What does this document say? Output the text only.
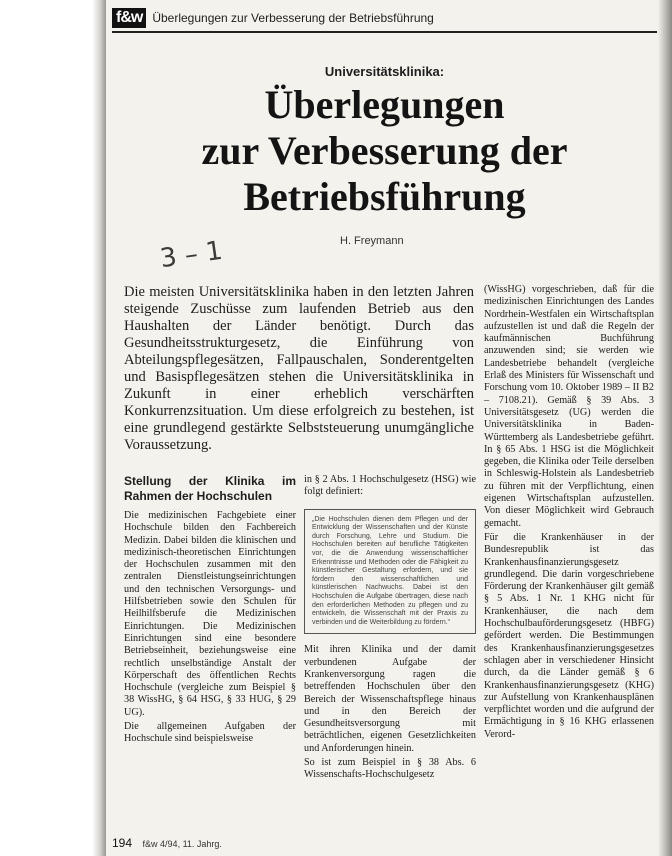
f&w Überlegungen zur Verbesserung der Betriebsführung
Universitätsklinika:
Überlegungen
zur Verbesserung der
Betriebsführung
3 – 1	H. Freymann

Die meisten Universitätsklinika haben in den letzten Jahren steigende Zuschüsse zum laufenden Betrieb aus den Haushalten der Länder benötigt. Durch das Gesundheitsstrukturgesetz, die Einführung von Abteilungspflegesätzen, Fallpauschalen, Sonderentgelten und Basispflegesätzen stehen die Universitätsklinika in Zukunft in einer erheblich verschärften Konkurrenzsituation. Um diese erfolgreich zu bestehen, ist eine grundlegend gestärkte Selbststeuerung unumgängliche Voraussetzung.

Stellung der Klinika im Rahmen der Hochschulen

Die medizinischen Fachgebiete einer Hochschule bilden den Fachbereich Medizin. Dabei bilden die klinischen und medizinisch-theoretischen Einrichtungen der Hochschulen zusammen mit den zentralen Dienstleistungseinrichtungen und den technischen Versorgungs- und Hilfsbetrieben sowie den Schulen für Heilhilfsberufe die Medizinischen Einrichtungen. Die Medizinischen Einrichtungen sind eine besondere Betriebseinheit, beziehungsweise eine rechtlich unselbständige Anstalt der Körperschaft des öffentlichen Rechts Hochschule (vergleiche zum Beispiel § 38 WissHG, § 64 HSG, § 33 HUG, § 29 UG).

Die allgemeinen Aufgaben der Hochschule sind beispielsweise

in § 2 Abs. 1 Hochschulgesetz (HSG) wie folgt definiert:

„Die Hochschulen dienen dem Pflegen und der Entwicklung der Wissenschaften und der Künste durch Forschung, Lehre und Studium. Die Hochschulen bereiten auf berufliche Tätigkeiten vor, die die Anwendung wissenschaftlicher Erkenntnisse und Methoden oder die Fähigkeit zu künstlerischer Gestaltung erfordern, und sie fördern den wissenschaftlichen und künstlerischen Nachwuchs. Dabei ist den Hochschulen die Aufgabe übertragen, diese nach den erforderlichen Methoden zu pflegen und zu entwickeln, die Wissenschaft mit der Praxis zu verbinden und die Weiterbildung zu fördern.“

Mit ihren Klinika und der damit verbundenen Aufgabe der Krankenversorgung ragen die betreffenden Hochschulen über den Bereich der Wissenschaftspflege hinaus und in den Bereich der Gesundheitsversorgung mit beträchtlichen, eigenen Gesetzlichkeiten und Anforderungen hinein.

So ist zum Beispiel in § 38 Abs. 6 Wissenschafts-Hochschulgesetz

(WissHG) vorgeschrieben, daß für die medizinischen Einrichtungen des Landes Nordrhein-Westfalen ein Wirtschaftsplan aufzustellen ist und daß die Regeln der kaufmännischen Buchführung anzuwenden sind; sie werden wie Landesbetriebe behandelt (vergleiche Erlaß des Ministers für Wissenschaft und Forschung vom 10. Oktober 1989 – II B2 – 7108.21). Gemäß § 39 Abs. 3 Universitätsgesetz (UG) werden die Universitätsklinika in Baden-Württemberg als Landesbetriebe geführt. In § 65 Abs. 1 HSG ist die Möglichkeit gegeben, die Klinika oder Teile derselben in Schleswig-Holstein als Landesbetrieb zu führen mit der Verpflichtung, einen eigenen Wirtschaftsplan aufzustellen. Von dieser Möglichkeit wird Gebrauch gemacht.

Für die Krankenhäuser in der Bundesrepublik ist das Krankenhausfinanzierungsgesetz grundlegend. Die darin vorgeschriebene Förderung der Krankenhäuser gilt gemäß § 5 Abs. 1 Nr. 1 KHG nicht für Krankenhäuser, die nach dem Hochschulbauförderungsgesetz (HBFG) gefördert werden. Die Bestimmungen des Krankenhausfinanzierungsgesetzes schlagen aber in verschiedener Hinsicht durch, da die Länder gemäß § 6 Krankenhausfinanzierungsgesetz (KHG) zur Aufstellung von Krankenhausplänen verpflichtet worden und die aufgrund der Ermächtigung in § 16 KHG erlassenen Verord-

194 f&w 4/94, 11. Jahrg.
